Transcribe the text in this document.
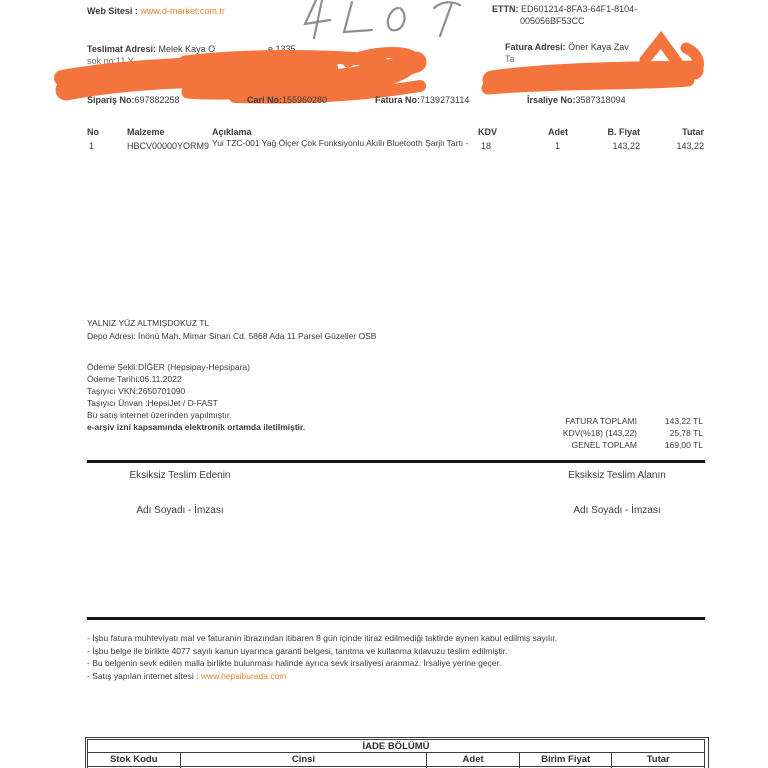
Web Sitesi : www.d-market.com.tr	ETTN: ED601214-8FA3-64F1-8104-
005056BF53CC
Teslimat Adresi: Melek Kaya O	e 1335
sok no:11 Y
Fatura Adresi: Öner Kaya Zav
Ta
Ma
Sipariş No:697882258	Cari No:155960280	Fatura No:7139273114	İrsaliye No:3587318094
No	Malzeme	Açıklama	KDV	Adet	B. Fiyat	Tutar
1	HBCV00000YORM9 Yui TZC-001 Yağ Ölçer Çok Fonksiyonlu Akıllı Bluetooth Şarjlı Tartı -	18	1	143,22	143,22
YALNIZ YÜZ ALTMIŞDOKUZ TL
Depo Adresi: İnönü Mah. Mimar Sinan Cd. 5868 Ada 11 Parsel Güzeller OSB
Ödeme Şekli:DİĞER (Hepsipay-Hepsipara)
Ödeme Tarihi:06.11.2022
Taşıyıcı VKN:2650701090
Taşıyıcı Ünvan :HepsiJet / D-FAST
Bu satış internet üzerinden yapılmıştır.
e-arşiv izni kapsamında elektronik ortamda iletilmiştir.
FATURA TOPLAMI	143,22 TL
KDV(%18) (143,22)	25,78 TL
GENEL TOPLAM	169,00 TL
Eksiksiz Teslim Edenin	Eksiksiz Teslim Alanın
Adı Soyadı - İmzası	Adı Soyadı - İmzası
- İşbu fatura muhteviyatı mal ve faturanın ibrazından itibaren 8 gün içinde itiraz edilmediği taktirde aynen kabul edilmiş sayılır.
- İşbu belge ile birlikte 4077 sayılı kanun uyarınca garanti belgesi, tanıtma ve kullanma kılavuzu teslim edilmiştir.
- Bu belgenin sevk edilen malla birlikte bulunması halinde ayrıca sevk irsaliyesi aranmaz. İrsaliye yerine geçer.
- Satış yapılan internet sitesi : www.hepsiburada.com
İADE BÖLÜMÜ				
Stok Kodu	Cinsi	Adet	Birim Fiyat	Tutar
